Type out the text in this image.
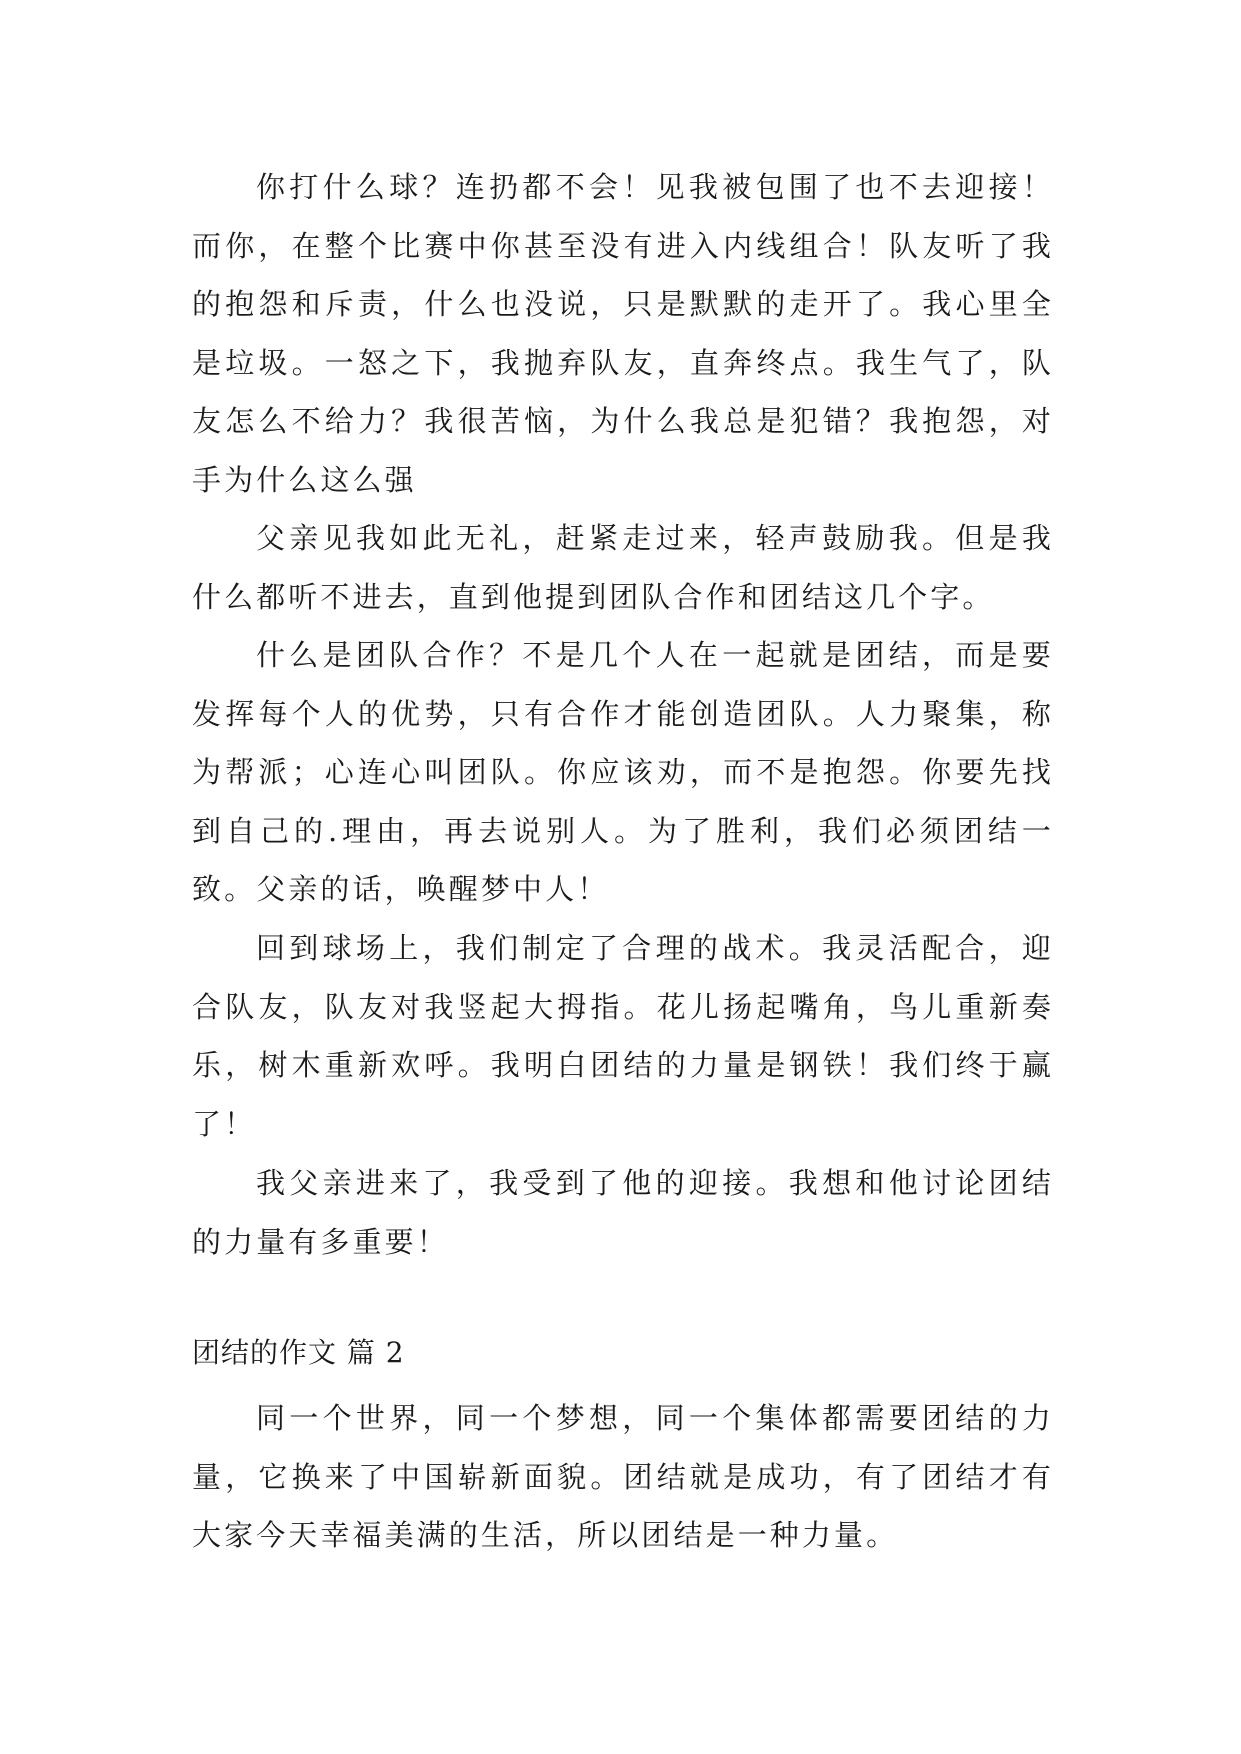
你打什么球？连扔都不会！见我被包围了也不去迎接！而你，在整个比赛中你甚至没有进入内线组合！队友听了我的抱怨和斥责，什么也没说，只是默默的走开了。我心里全是垃圾。一怒之下，我抛弃队友，直奔终点。我生气了，队友怎么不给力？我很苦恼，为什么我总是犯错？我抱怨，对手为什么这么强

父亲见我如此无礼，赶紧走过来，轻声鼓励我。但是我什么都听不进去，直到他提到团队合作和团结这几个字。

什么是团队合作？不是几个人在一起就是团结，而是要发挥每个人的优势，只有合作才能创造团队。人力聚集，称为帮派；心连心叫团队。你应该劝，而不是抱怨。你要先找到自己的.理由，再去说别人。为了胜利，我们必须团结一致。父亲的话，唤醒梦中人！

回到球场上，我们制定了合理的战术。我灵活配合，迎合队友，队友对我竖起大拇指。花儿扬起嘴角，鸟儿重新奏乐，树木重新欢呼。我明白团结的力量是钢铁！我们终于赢了！

我父亲进来了，我受到了他的迎接。我想和他讨论团结的力量有多重要！

团结的作文 篇 2

同一个世界，同一个梦想，同一个集体都需要团结的力量，它换来了中国崭新面貌。团结就是成功，有了团结才有大家今天幸福美满的生活，所以团结是一种力量。
